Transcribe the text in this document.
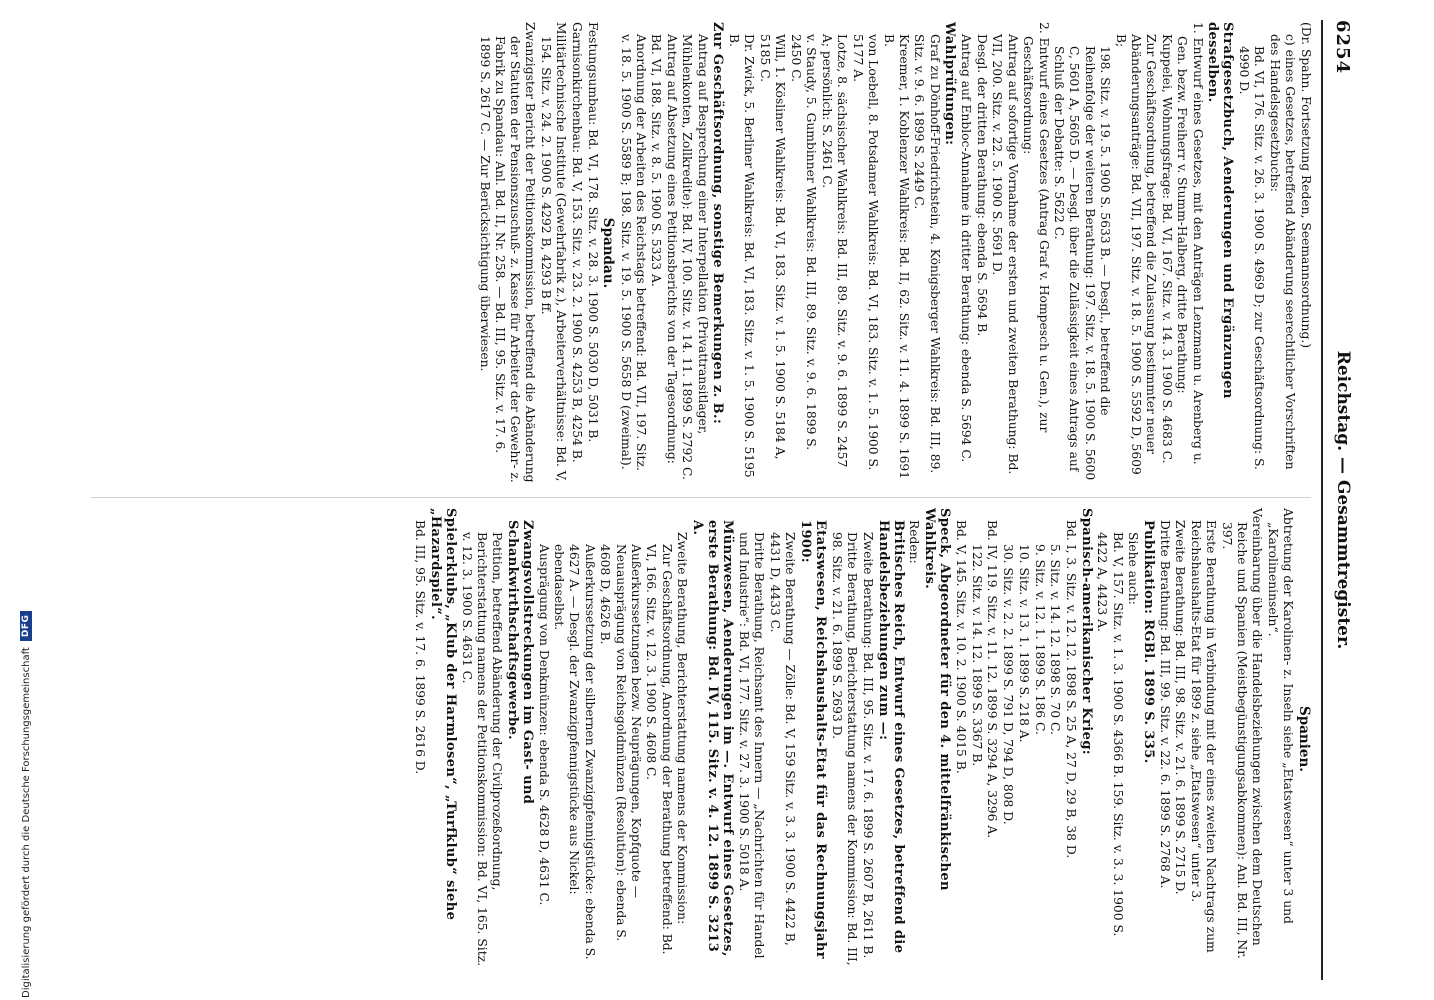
6254
Reichstag. — Gesammtregister.

(Dr. Spahn. Fortsetzung Reden, Seemannsordnung.)

c) eines Gesetzes, betreffend Abänderung seerechtlicher Vorschriften des Handelsgesetzbuchs:

Bd. VI, 176. Sitz. v. 26. 3. 1900 S. 4969 D; zur Geschäftsordnung: S. 4990 D.

Strafgesetzbuch, Aenderungen und Ergänzungen desselben.

1. Entwurf eines Gesetzes, mit den Anträgen Lenzmann u. Arenberg u. Gen. bezw. Freiherr v. Stumm-Halberg, dritte Berathung:

Kuppelei, Wohnungsfrage: Bd. VI, 167. Sitz. v. 14. 3. 1900 S. 4683 C.

Zur Geschäftsordnung, betreffend die Zulassung bestimmter neuer Abänderungsanträge: Bd. VII, 197. Sitz. v. 18. 5. 1900 S. 5592 D, 5609 B;

198. Sitz. v. 19. 5. 1900 S. 5633 B. — Desgl., betreffend die Reihenfolge der weiteren Berathung: 197. Sitz. v. 18. 5. 1900 S. 5600 C, 5601 A, 5605 D. — Desgl. über die Zulässigkeit eines Antrags auf Schluß der Debatte: S. 5622 C.

2. Entwurf eines Gesetzes (Antrag Graf v. Hompesch u. Gen.), zur Geschäftsordnung:

Antrag auf sofortige Vornahme der ersten und zweiten Berathung: Bd. VII, 200. Sitz. v. 22. 5. 1900 S. 5691 D.

Desgl. der dritten Berathung: ebenda S. 5694 B.

Antrag auf Enbloc-Annahme in dritter Berathung: ebenda S. 5694 C.

Wahlprüfungen:

Graf zu Dönhoff-Friedrichstein, 4. Königsberger Wahlkreis: Bd. III, 89. Sitz. v. 9. 6. 1899 S. 2449 C.

Kreemer, 1. Koblenzer Wahlkreis: Bd. II, 62. Sitz. v. 11. 4. 1899 S. 1691 B.

von Loebell, 8. Potsdamer Wahlkreis: Bd. VI, 183. Sitz. v. 1. 5. 1900 S. 5177 A.

Lotze, 8. sächsischer Wahlkreis: Bd. III, 89. Sitz. v. 9. 6. 1899 S. 2457 A; persönlich: S. 2461 C.

v. Staudy, 5. Gumbinner Wahlkreis: Bd. III, 89. Sitz. v. 9. 6. 1899 S. 2450 C.

Will, 1. Kösliner Wahlkreis: Bd. VI, 183. Sitz. v. 1. 5. 1900 S. 5184 A, 5185 C.

Dr. Zwick, 5. Berliner Wahlkreis: Bd. VI, 183. Sitz. v. 1. 5. 1900 S. 5195 B.

Zur Geschäftsordnung, sonstige Bemerkungen z. B.:

Antrag auf Besprechung einer Interpellation (Privattransitlager, Mühlenkonten, Zollkredite): Bd. IV, 100. Sitz. v. 14. 11. 1899 S. 2792 C.

Antrag auf Absetzung eines Petitionsberichts von der Tagesordnung: Bd. VI, 188. Sitz. v. 8. 5. 1900 S. 5323 A.

Anordnung der Arbeiten des Reichstags betreffend: Bd. VII, 197. Sitz. v. 18. 5. 1900 S. 5589 B; 198. Sitz. v. 19. 5. 1900 S. 5658 D (zweimal).

Spandau.

Festungsumbau: Bd. VI, 178. Sitz. v. 28. 3. 1900 S. 5030 D, 5031 B.

Garnisonkirchenbau: Bd. V, 153. Sitz. v. 23. 2. 1900 S. 4253 B, 4254 B.

Militärtechnische Institute (Gewehrfabrik z.), Arbeiterverhältnisse: Bd. V, 154. Sitz. v. 24. 2. 1900 S. 4292 B, 4293 B ff.

Zwanzigster Bericht der Petitionskommission, betreffend die Abänderung der Statuten der Pensionszuschuß- z. Kasse für Arbeiter der Gewehr- z. Fabrik zu Spandau: Anl. Bd. II, Nr. 258. — Bd. III, 95. Sitz. v. 17. 6. 1899 S. 2617 C. — Zur Berücksichtigung überwiesen.

Spanien.

Abtretung der Karolinen- z. Inseln siehe „Etatswesen“ unter 3 und „Karolineninseln“.

Vereinbarung über die Handelsbeziehungen zwischen dem Deutschen Reiche und Spanien (Meistbegünstigungsabkommen): Anl. Bd. III, Nr. 397.

Erste Berathung in Verbindung mit der eines zweiten Nachtrags zum Reichshaushalts-Etat für 1899 z. siehe „Etatswesen“ unter 3.

Zweite Berathung: Bd. III, 98. Sitz. v. 21. 6. 1899 S. 2715 D.

Dritte Berathung: Bd. III, 99. Sitz. v. 22. 6. 1899 S. 2768 A.

Publikation: RGBl. 1899 S. 335.

Siehe auch:

Bd. V, 157. Sitz. v. 1. 3. 1900 S. 4366 B. 159. Sitz. v. 3. 3. 1900 S. 4422 A, 4423 A.

Spanisch-amerikanischer Krieg:

Bd. I, 3. Sitz. v. 12. 12. 1898 S. 25 A, 27 D, 29 B, 38 D.

5. Sitz. v. 14. 12. 1898 S. 70 C.

9. Sitz. v. 12. 1. 1899 S. 186 C.

10. Sitz. v. 13. 1. 1899 S. 218 A.

30. Sitz. v. 2. 2. 1899 S. 791 D, 794 D, 808 D.

Bd. IV, 119. Sitz. v. 11. 12. 1899 S. 3294 A, 3296 A.

122. Sitz. v. 14. 12. 1899 S. 3367 B.

Bd. V, 145. Sitz. v. 10. 2. 1900 S. 4015 B.

Speck, Abgeordneter für den 4. mittelfränkischen Wahlkreis.

Reden:

Britisches Reich, Entwurf eines Gesetzes, betreffend die Handelsbeziehungen zum —:

Zweite Berathung: Bd. III, 95. Sitz. v. 17. 6. 1899 S. 2607 B, 2611 B.

Dritte Berathung, Berichterstattung namens der Kommission: Bd. III, 98. Sitz. v. 21. 6. 1899 S. 2693 D.

Etatswesen, Reichshaushalts-Etat für das Rechnungsjahr 1900:

Zweite Berathung — Zölle: Bd. V, 159 Sitz. v. 3. 3. 1900 S. 4422 B, 4431 D, 4433 C.

Dritte Berathung, Reichsamt des Innern — „Nachrichten für Handel und Industrie“: Bd. VI, 177. Sitz. v. 27. 3. 1900 S. 5018 A.

Münzwesen, Aenderungen im —. Entwurf eines Gesetzes, erste Berathung: Bd. IV, 115. Sitz. v. 4. 12. 1899 S. 3213 A.

Zweite Berathung, Berichterstattung namens der Kommission:

Zur Geschäftsordnung, Anordnung der Berathung betreffend: Bd. VI, 166. Sitz. v. 12. 3. 1900 S. 4608 C.

Außerkurssetzungen bezw. Neuprägungen, Kopfquote — Neuausprägung von Reichsgoldmünzen (Resolution): ebenda S. 4608 D, 4626 B.

Außerkurssetzung der silbernen Zwanzigpfennigstücke: ebenda S. 4627 A. — Desgl. der Zwanzigpfennigstücke aus Nickel: ebendaselbst.

Ausprägung von Denkmünzen: ebenda S. 4628 D, 4631 C.

Zwangsvollstreckungen im Gast- und Schankwirthschaftsgewerbe.

Petition, betreffend Abänderung der Civilprozeßordnung, Berichterstattung namens der Petitionskommission: Bd. VI, 165. Sitz. v. 12. 3. 1900 S. 4631 C.

Spielerklubs, „Klub der Harmlosen“, „Turfklub“ siehe „Hazardspiel“.

Bd. III, 95. Sitz. v. 17. 6. 1899 S. 2616 D.

Digitalisierung gefördert durch die Deutsche Forschungsgemeinschaft
DFG
